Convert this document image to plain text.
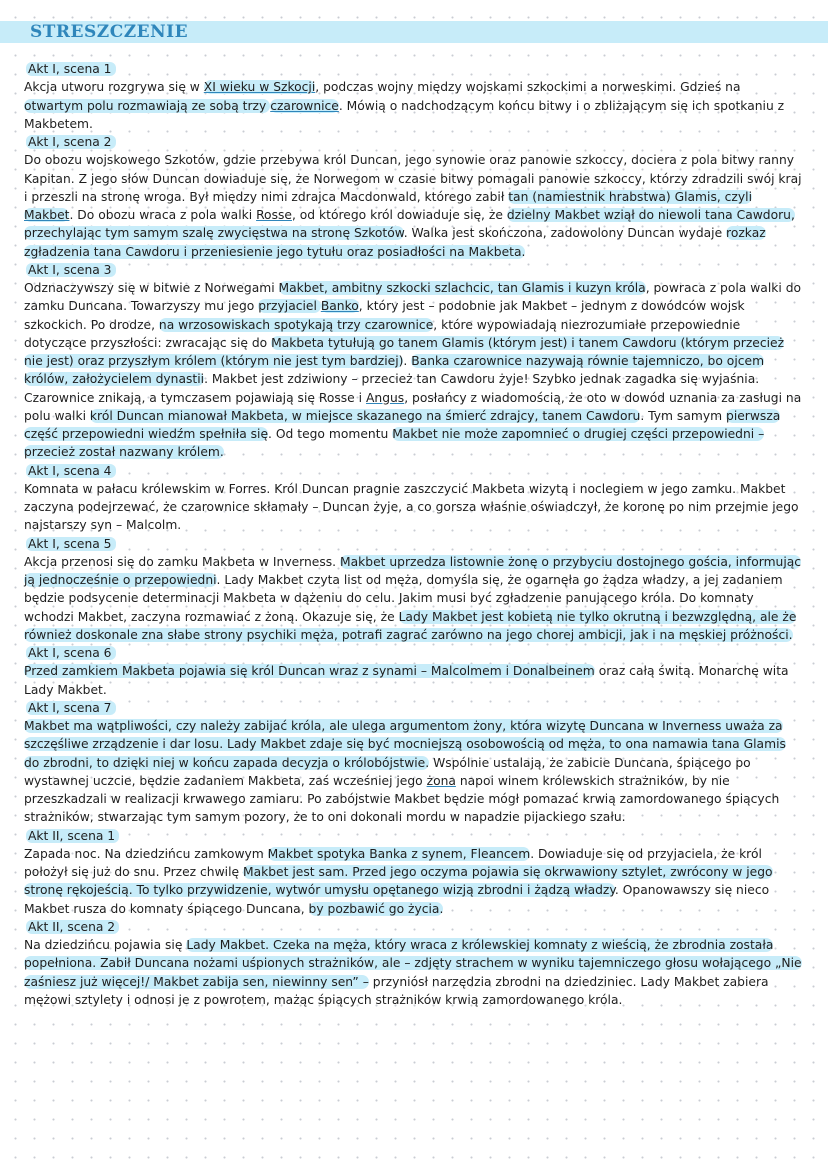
STRESZCZENIE
Akt I, scena 1

Akcja utworu rozgrywa się w XI wieku w Szkocji, podczas wojny między wojskami szkockimi a norweskimi. Gdzieś na otwartym polu rozmawiają ze sobą trzy czarownice. Mówią o nadchodzącym końcu bitwy i o zbliżającym się ich spotkaniu z Makbetem.

Akt I, scena 2

Do obozu wojskowego Szkotów, gdzie przebywa król Duncan, jego synowie oraz panowie szkoccy, dociera z pola bitwy ranny Kapitan. Z jego słów Duncan dowiaduje się, że Norwegom w czasie bitwy pomagali panowie szkoccy, którzy zdradzili swój kraj i przeszli na stronę wroga. Był między nimi zdrajca Macdonwald, którego zabił tan (namiestnik hrabstwa) Glamis, czyli Makbet. Do obozu wraca z pola walki Rosse, od którego król dowiaduje się, że dzielny Makbet wziął do niewoli tana Cawdoru, przechylając tym samym szalę zwycięstwa na stronę Szkotów. Walka jest skończona, zadowolony Duncan wydaje rozkaz zgładzenia tana Cawdoru i przeniesienie jego tytułu oraz posiadłości na Makbeta.

Akt I, scena 3

Odznaczywszy się w bitwie z Norwegami Makbet, ambitny szkocki szlachcic, tan Glamis i kuzyn króla, powraca z pola walki do zamku Duncana. Towarzyszy mu jego przyjaciel Banko, który jest – podobnie jak Makbet – jednym z dowódców wojsk szkockich. Po drodze, na wrzosowiskach spotykają trzy czarownice, które wypowiadają niezrozumiałe przepowiednie dotyczące przyszłości: zwracając się do Makbeta tytułują go tanem Glamis (którym jest) i tanem Cawdoru (którym przecież nie jest) oraz przyszłym królem (którym nie jest tym bardziej). Banka czarownice nazywają równie tajemniczo, bo ojcem królów, założycielem dynastii. Makbet jest zdziwiony – przecież tan Cawdoru żyje! Szybko jednak zagadka się wyjaśnia. Czarownice znikają, a tymczasem pojawiają się Rosse i Angus, posłańcy z wiadomością, że oto w dowód uznania za zasługi na polu walki król Duncan mianował Makbeta, w miejsce skazanego na śmierć zdrajcy, tanem Cawdoru. Tym samym pierwsza część przepowiedni wiedźm spełniła się. Od tego momentu Makbet nie może zapomnieć o drugiej części przepowiedni – przecież został nazwany królem.

Akt I, scena 4

Komnata w pałacu królewskim w Forres. Król Duncan pragnie zaszczycić Makbeta wizytą i noclegiem w jego zamku. Makbet zaczyna podejrzewać, że czarownice skłamały – Duncan żyje, a co gorsza właśnie oświadczył, że koronę po nim przejmie jego najstarszy syn – Malcolm.

Akt I, scena 5

Akcja przenosi się do zamku Makbeta w Inverness. Makbet uprzedza listownie żonę o przybyciu dostojnego gościa, informując ją jednocześnie o przepowiedni. Lady Makbet czyta list od męża, domyśla się, że ogarnęła go żądza władzy, a jej zadaniem będzie podsycenie determinacji Makbeta w dążeniu do celu. Jakim musi być zgładzenie panującego króla. Do komnaty wchodzi Makbet, zaczyna rozmawiać z żoną. Okazuje się, że Lady Makbet jest kobietą nie tylko okrutną i bezwzględną, ale że również doskonale zna słabe strony psychiki męża, potrafi zagrać zarówno na jego chorej ambicji, jak i na męskiej próżności.

Akt I, scena 6

Przed zamkiem Makbeta pojawia się król Duncan wraz z synami – Malcolmem i Donalbeinem oraz całą świtą. Monarchę wita Lady Makbet.

Akt I, scena 7

Makbet ma wątpliwości, czy należy zabijać króla, ale ulega argumentom żony, która wizytę Duncana w Inverness uważa za szczęśliwe zrządzenie i dar losu. Lady Makbet zdaje się być mocniejszą osobowością od męża, to ona namawia tana Glamis do zbrodni, to dzięki niej w końcu zapada decyzja o królobójstwie. Wspólnie ustalają, że zabicie Duncana, śpiącego po wystawnej uczcie, będzie zadaniem Makbeta, zaś wcześniej jego żona napoi winem królewskich strażników, by nie przeszkadzali w realizacji krwawego zamiaru. Po zabójstwie Makbet będzie mógł pomazać krwią zamordowanego śpiących strażników, stwarzając tym samym pozory, że to oni dokonali mordu w napadzie pijackiego szału.

Akt II, scena 1

Zapada noc. Na dziedzińcu zamkowym Makbet spotyka Banka z synem, Fleancem. Dowiaduje się od przyjaciela, że król położył się już do snu. Przez chwilę Makbet jest sam. Przed jego oczyma pojawia się okrwawiony sztylet, zwrócony w jego stronę rękojeścią. To tylko przywidzenie, wytwór umysłu opętanego wizją zbrodni i żądzą władzy. Opanowawszy się nieco Makbet rusza do komnaty śpiącego Duncana, by pozbawić go życia.

Akt II, scena 2

Na dziedzińcu pojawia się Lady Makbet. Czeka na męża, który wraca z królewskiej komnaty z wieścią, że zbrodnia została popełniona. Zabił Duncana nożami uśpionych strażników, ale – zdjęty strachem w wyniku tajemniczego głosu wołającego „Nie zaśniesz już więcej!/ Makbet zabija sen, niewinny sen” – przyniósł narzędzia zbrodni na dziedziniec. Lady Makbet zabiera mężowi sztylety i odnosi je z powrotem, mażąc śpiących strażników krwią zamordowanego króla.
